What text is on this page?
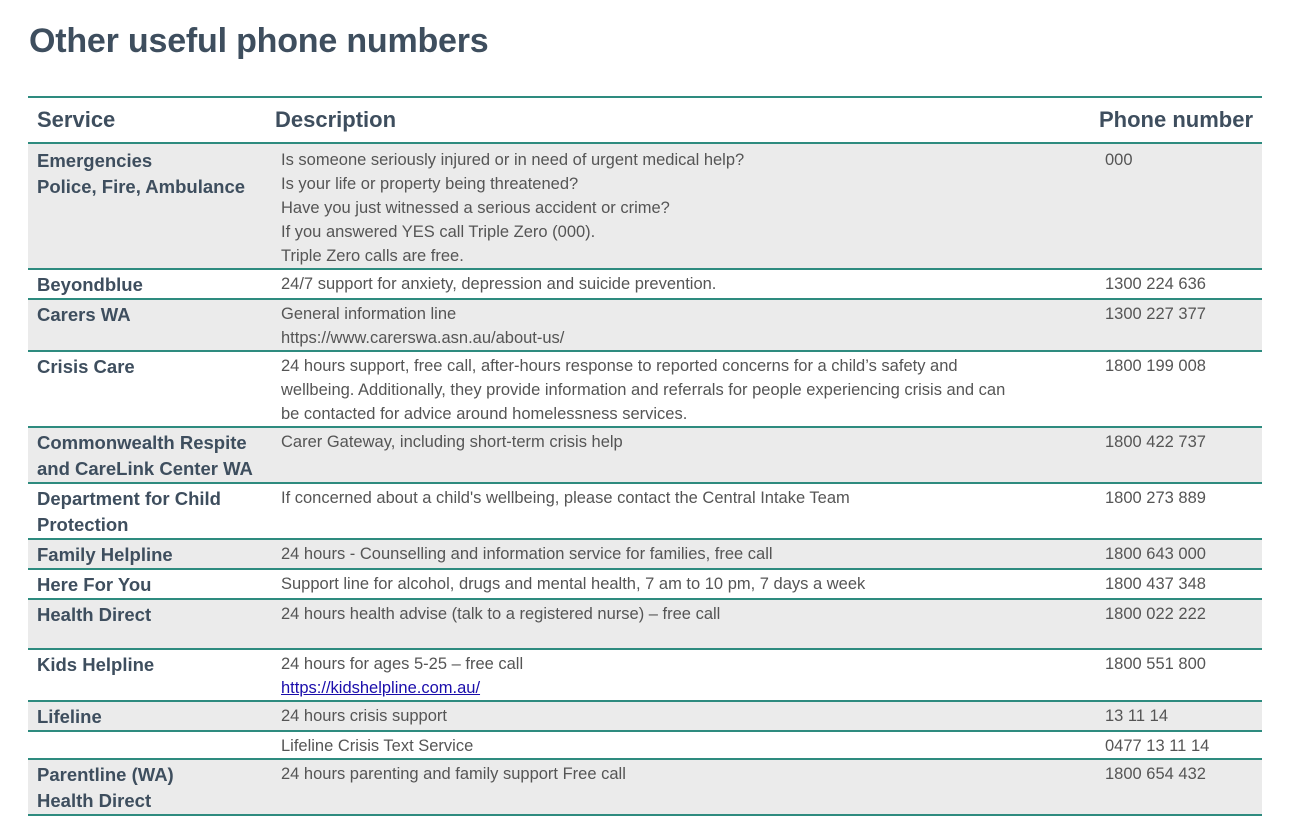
Other useful phone numbers
Service	Description	Phone number

Emergencies
Police, Fire, Ambulance	Is someone seriously injured or in need of urgent medical help?
Is your life or property being threatened?
Have you just witnessed a serious accident or crime?
If you answered YES call Triple Zero (000).
Triple Zero calls are free.	000

Beyondblue	24/7 support for anxiety, depression and suicide prevention.	1300 224 636

Carers WA	General information line
https://www.carerswa.asn.au/about-us/	1300 227 377

Crisis Care	24 hours support, free call, after-hours response to reported concerns for a child’s safety and
wellbeing. Additionally, they provide information and referrals for people experiencing crisis and can
be contacted for advice around homelessness services.	1800 199 008

Commonwealth Respite
and CareLink Center WA	Carer Gateway, including short-term crisis help	1800 422 737

Department for Child
Protection	If concerned about a child's wellbeing, please contact the Central Intake Team	1800 273 889

Family Helpline	24 hours - Counselling and information service for families, free call	1800 643 000

Here For You	Support line for alcohol, drugs and mental health, 7 am to 10 pm, 7 days a week	1800 437 348

Health Direct	24 hours health advise (talk to a registered nurse) – free call	1800 022 222

Kids Helpline	24 hours for ages 5-25 – free call
https://kidshelpline.com.au/	1800 551 800

Lifeline	24 hours crisis support	13 11 14

	Lifeline Crisis Text Service	0477 13 11 14

Parentline (WA)
Health Direct	24 hours parenting and family support Free call	1800 654 432
